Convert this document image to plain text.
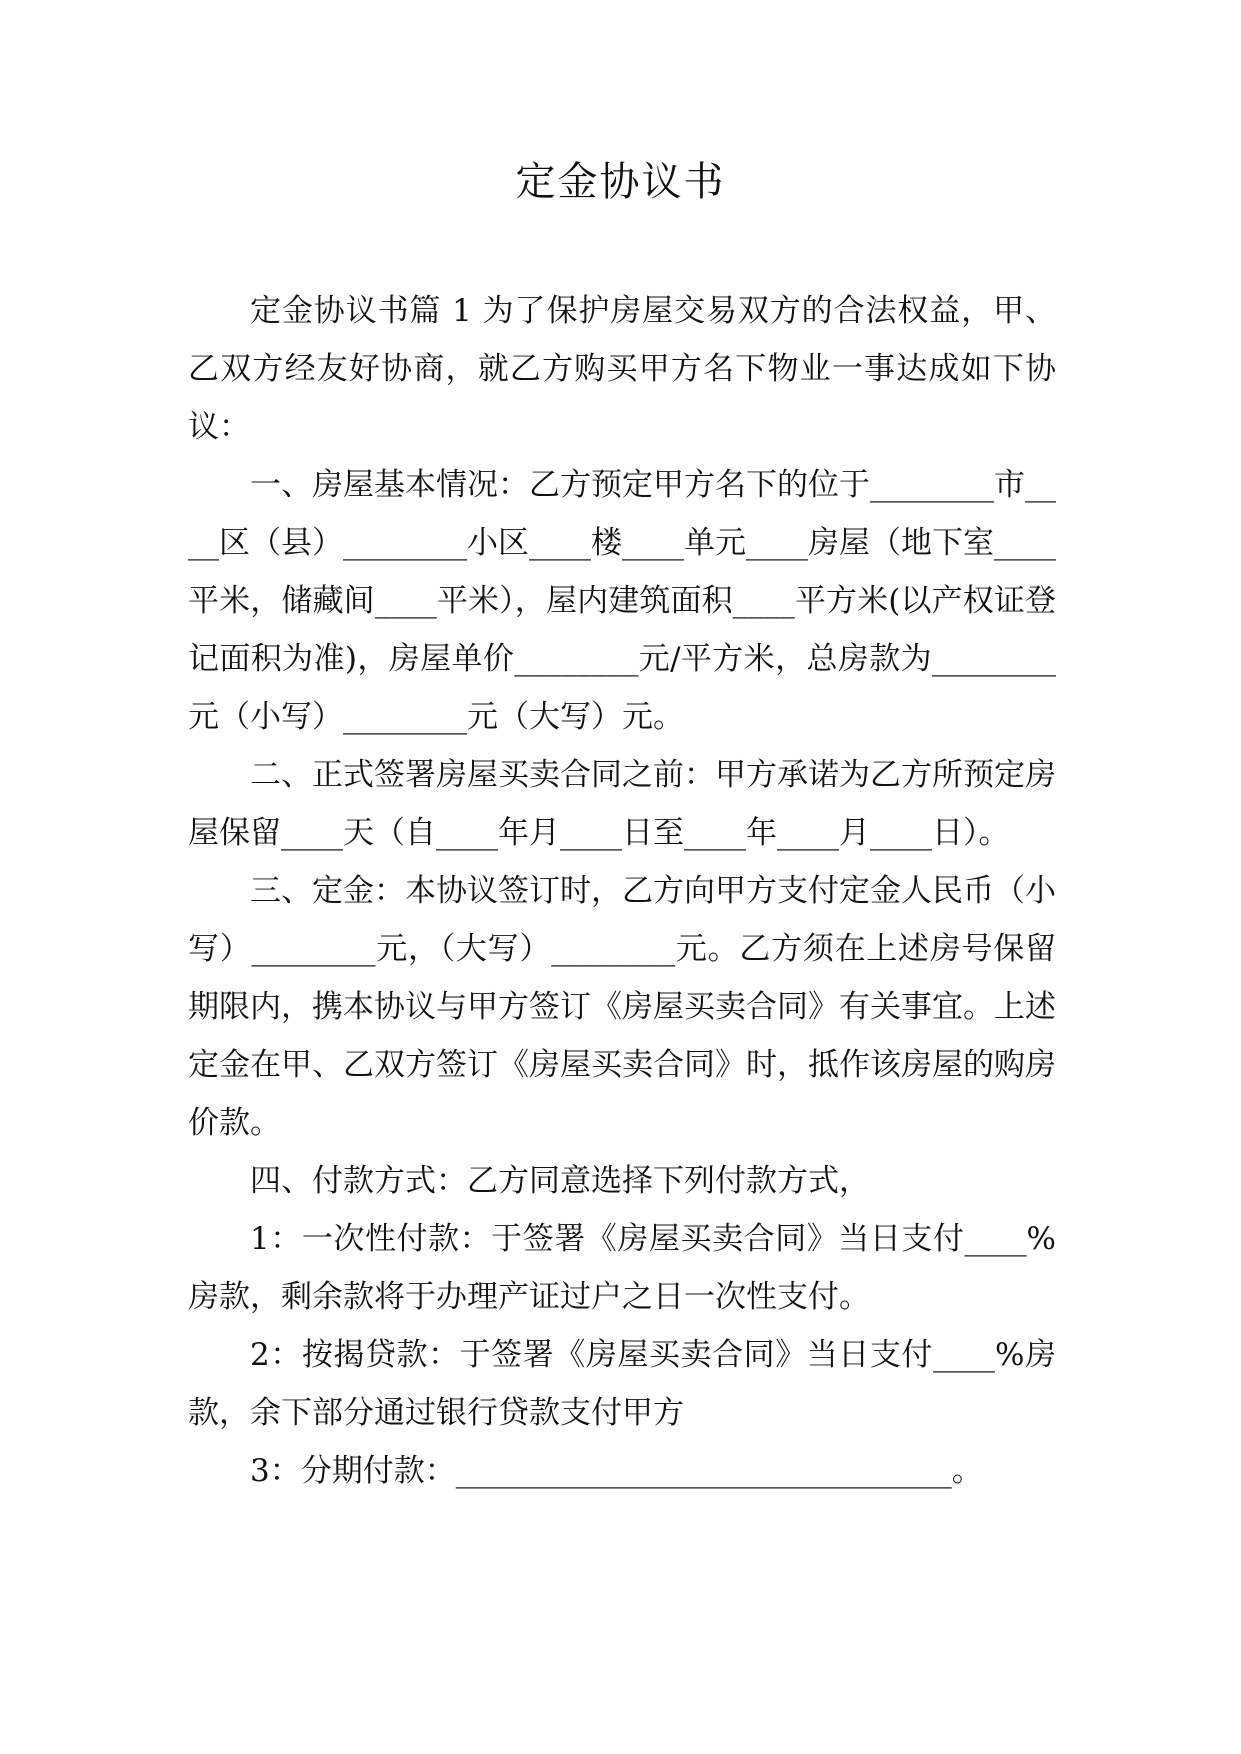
定金协议书

定金协议书篇 1 为了保护房屋交易双方的合法权益，甲、乙双方经友好协商，就乙方购买甲方名下物业一事达成如下协议：

一、房屋基本情况：乙方预定甲方名下的位于________市____区（县）________小区____楼____单元____房屋（地下室____平米，储藏间____平米），屋内建筑面积____平方米(以产权证登记面积为准)，房屋单价________元/平方米，总房款为________元（小写）________元（大写）元。

二、正式签署房屋买卖合同之前：甲方承诺为乙方所预定房屋保留____天（自____年月____日至____年____月____日）。

三、定金：本协议签订时，乙方向甲方支付定金人民币（小写）________元，（大写）________元。乙方须在上述房号保留期限内，携本协议与甲方签订《房屋买卖合同》有关事宜。上述定金在甲、乙双方签订《房屋买卖合同》时，抵作该房屋的购房价款。

四、付款方式：乙方同意选择下列付款方式，

1：一次性付款：于签署《房屋买卖合同》当日支付____%房款，剩余款将于办理产证过户之日一次性支付。

2：按揭贷款：于签署《房屋买卖合同》当日支付____%房款，余下部分通过银行贷款支付甲方

3：分期付款：________________________________。
